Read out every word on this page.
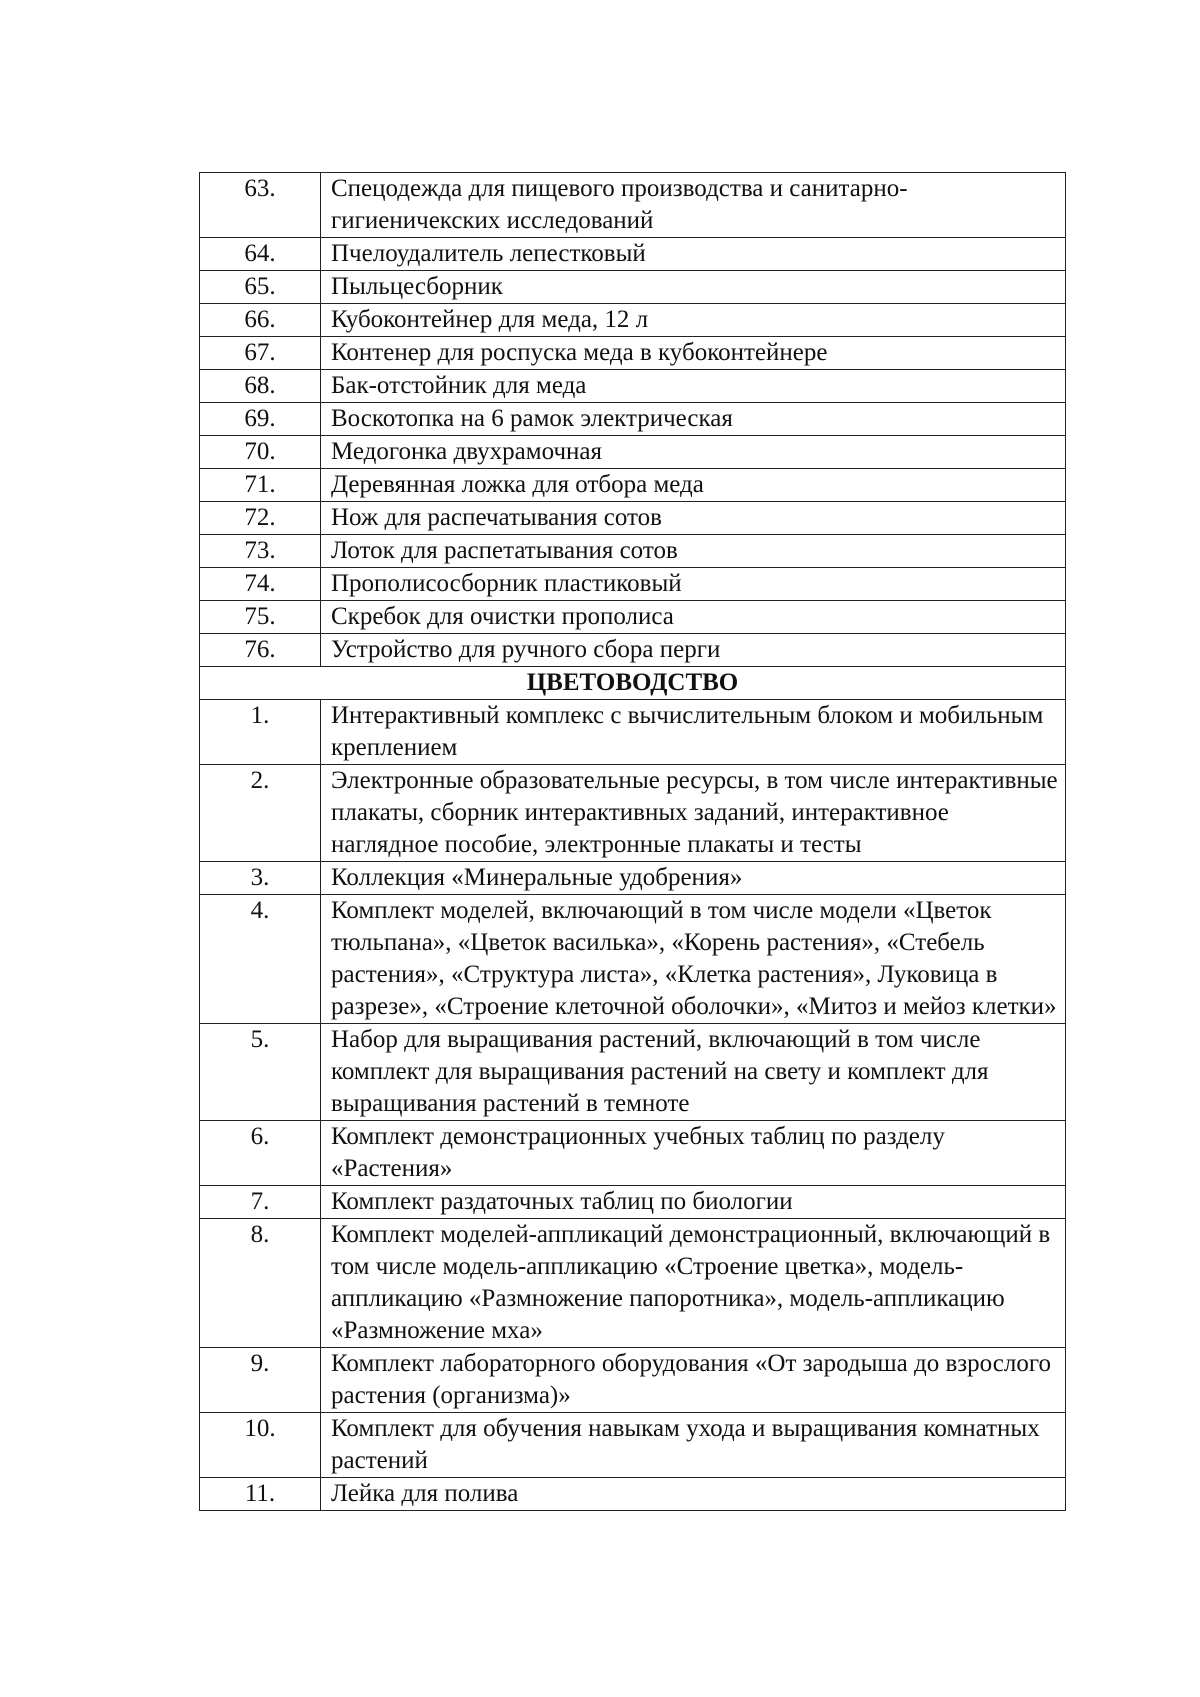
63.	Спецодежда для пищевого производства и санитарно-гигиеничекских исследований
64.	Пчелоудалитель лепестковый
65.	Пыльцесборник
66.	Кубоконтейнер для меда, 12 л
67.	Контенер для роспуска меда в кубоконтейнере
68.	Бак-отстойник для меда
69.	Воскотопка на 6 рамок электрическая
70.	Медогонка двухрамочная
71.	Деревянная ложка для отбора меда
72.	Нож для распечатывания сотов
73.	Лоток для распетатывания сотов
74.	Прополисосборник пластиковый
75.	Скребок для очистки прополиса
76.	Устройство для ручного сбора перги
ЦВЕТОВОДСТВО	
1.	Интерактивный комплекс с вычислительным блоком и мобильным креплением
2.	Электронные образовательные ресурсы, в том числе интерактивные плакаты, сборник интерактивных заданий, интерактивное наглядное пособие, электронные плакаты и тесты
3.	Коллекция «Минеральные удобрения»
4.	Комплект моделей, включающий в том числе модели «Цветок тюльпана», «Цветок василька», «Корень растения», «Стебель растения», «Структура листа», «Клетка растения», Луковица в разрезе», «Строение клеточной оболочки», «Митоз и мейоз клетки»
5.	Набор для выращивания растений, включающий в том числе комплект для выращивания растений на свету и комплект для выращивания растений в темноте
6.	Комплект демонстрационных учебных таблиц по разделу «Растения»
7.	Комплект раздаточных таблиц по биологии
8.	Комплект моделей-аппликаций демонстрационный, включающий в том числе модель-аппликацию «Строение цветка», модель-аппликацию «Размножение папоротника», модель-аппликацию «Размножение мха»
9.	Комплект лабораторного оборудования «От зародыша до взрослого растения (организма)»
10.	Комплект для обучения навыкам ухода и выращивания комнатных растений
11.	Лейка для полива
